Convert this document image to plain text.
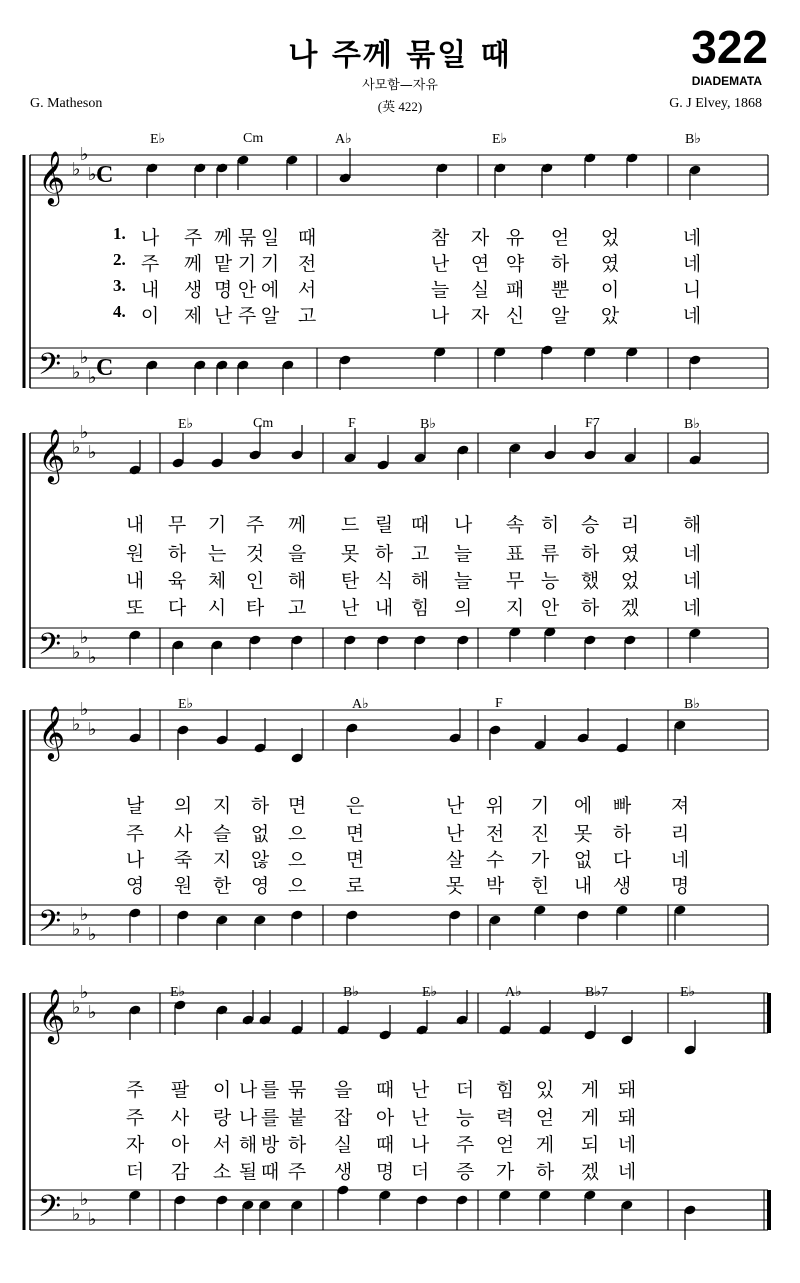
나 주께 묶일 때	322
DIADEMATA
사모함—자유
(英 422)
G. Matheson	G. J Elvey, 1868
𝄞
𝄢
♭
♭
♭
♭
♭
♭
C
C
𝄞
𝄢
♭
♭
♭
♭
♭
♭
𝄞
𝄢
♭
♭
♭
♭
♭
♭
𝄞
𝄢
♭
♭
♭
♭
♭
♭
E♭	Cm	A♭	E♭	B♭
1.
2.
3.
4.
나 주 께 묶 일 때	참 자 유 얻 었	네
주 께 맡 기 기 전	난 연 약 하 였	네
내 생 명 안 에 서	늘 실 패 뿐 이	니
이 제 난 주 알 고	나 자 신 알 았	네
E♭	Cm	F	B♭	F7	B♭
내 무 기 주 께 드 릴 때 나 속 히 승 리 해
원 하 는 것 을 못 하 고 늘 표 류 하 였 네
내 육 체 인 해 탄 식 해 늘 무 능 했 었 네
또 다 시 타 고 난 내 힘 의 지 안 하 겠 네
E♭	A♭	F	B♭
날 의 지 하 면 은	난 위 기 에 빠 져
주 사 슬 없 으 면	난 전 진 못 하 리
나 죽 지 않 으 면	살 수 가 없 다 네
영 원 한 영 으 로	못 박 힌 내 생 명
E♭	B♭	E♭	A♭	B♭7	E♭
주 팔 이 나 를 묶 을 때 난 더 힘 있 게 돼
주 사 랑 나 를 붙 잡 아 난 능 력 얻 게 돼
자 아 서 해 방 하 실 때 나 주 얻 게 되 네
더 감 소 될 때 주 생 명 더 증 가 하 겠 네
